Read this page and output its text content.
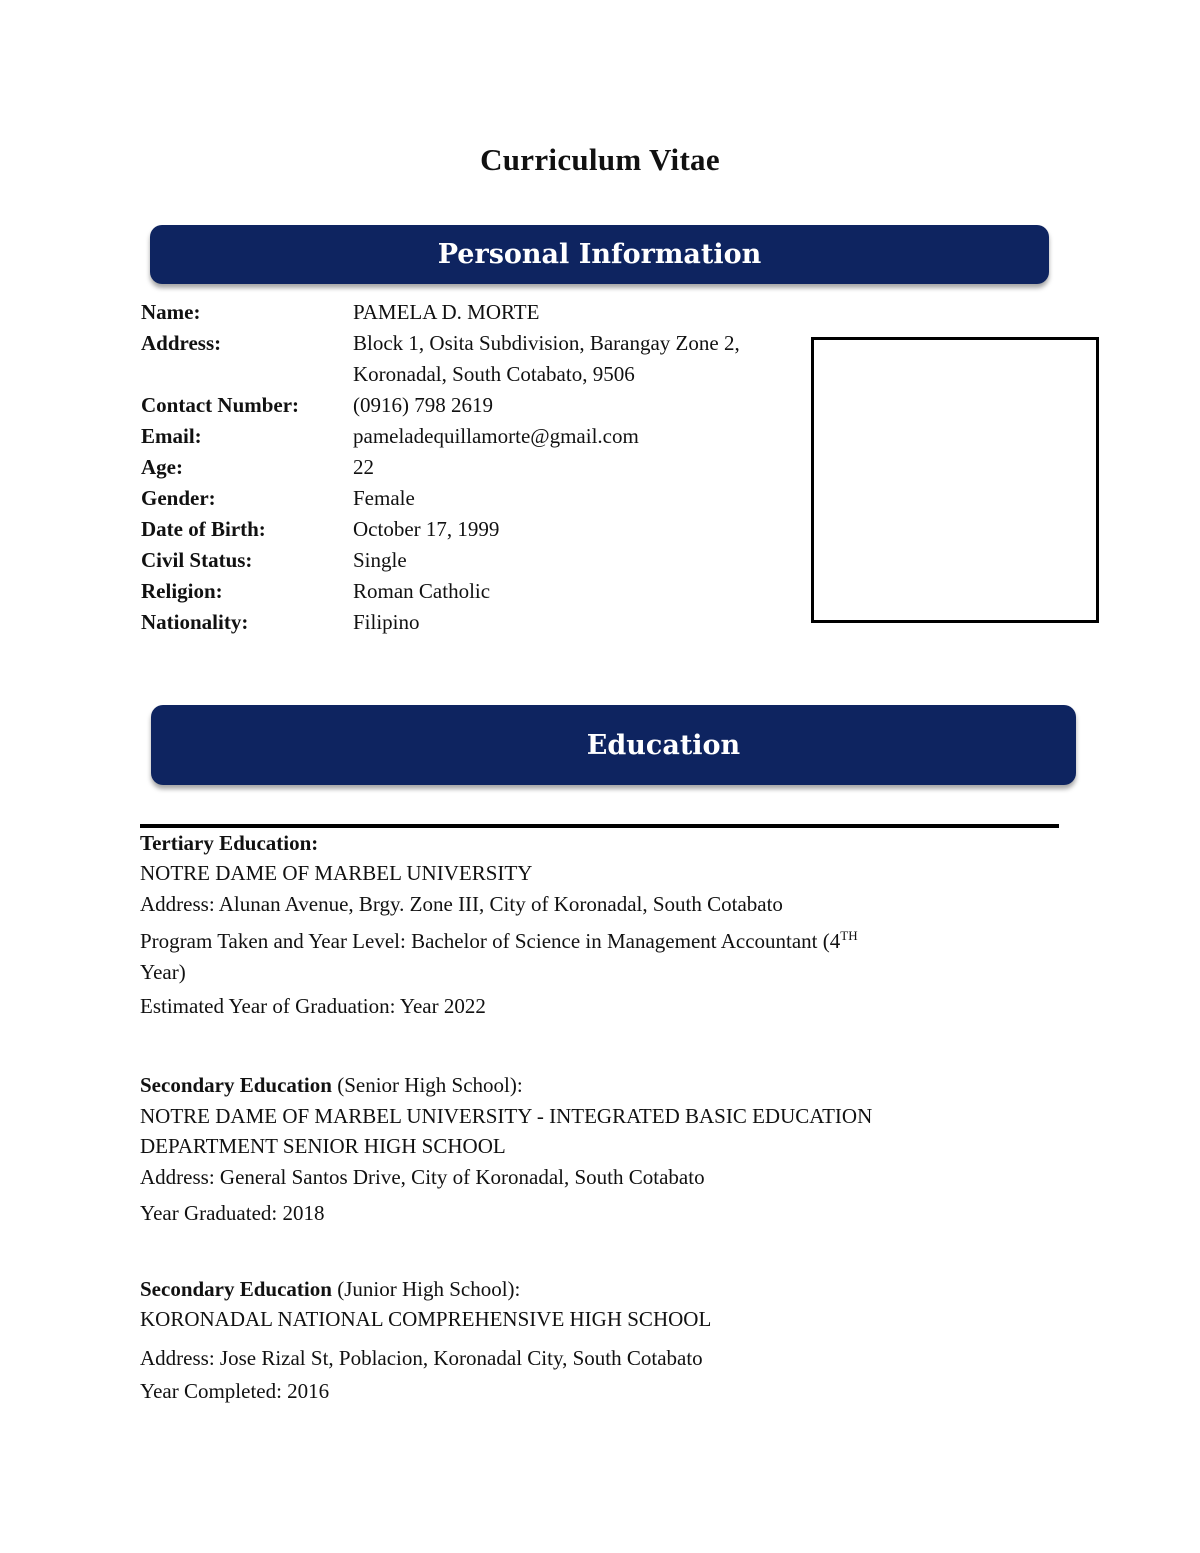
Curriculum Vitae
Personal Information
Name:	PAMELA D. MORTE
Address:	Block 1, Osita Subdivision, Barangay Zone 2,
Koronadal, South Cotabato, 9506
Contact Number:	(0916) 798 2619
Email:	pameladequillamorte@gmail.com
Age:	22
Gender:	Female
Date of Birth:	October 17, 1999
Civil Status:	Single
Religion:	Roman Catholic
Nationality:	Filipino
Education
Tertiary Education:
NOTRE DAME OF MARBEL UNIVERSITY
Address: Alunan Avenue, Brgy. Zone III, City of Koronadal, South Cotabato
Program Taken and Year Level: Bachelor of Science in Management Accountant (4TH
Year)
Estimated Year of Graduation: Year 2022
Secondary Education (Senior High School):
NOTRE DAME OF MARBEL UNIVERSITY - INTEGRATED BASIC EDUCATION
DEPARTMENT SENIOR HIGH SCHOOL
Address: General Santos Drive, City of Koronadal, South Cotabato
Year Graduated: 2018
Secondary Education (Junior High School):
KORONADAL NATIONAL COMPREHENSIVE HIGH SCHOOL
Address: Jose Rizal St, Poblacion, Koronadal City, South Cotabato
Year Completed: 2016
